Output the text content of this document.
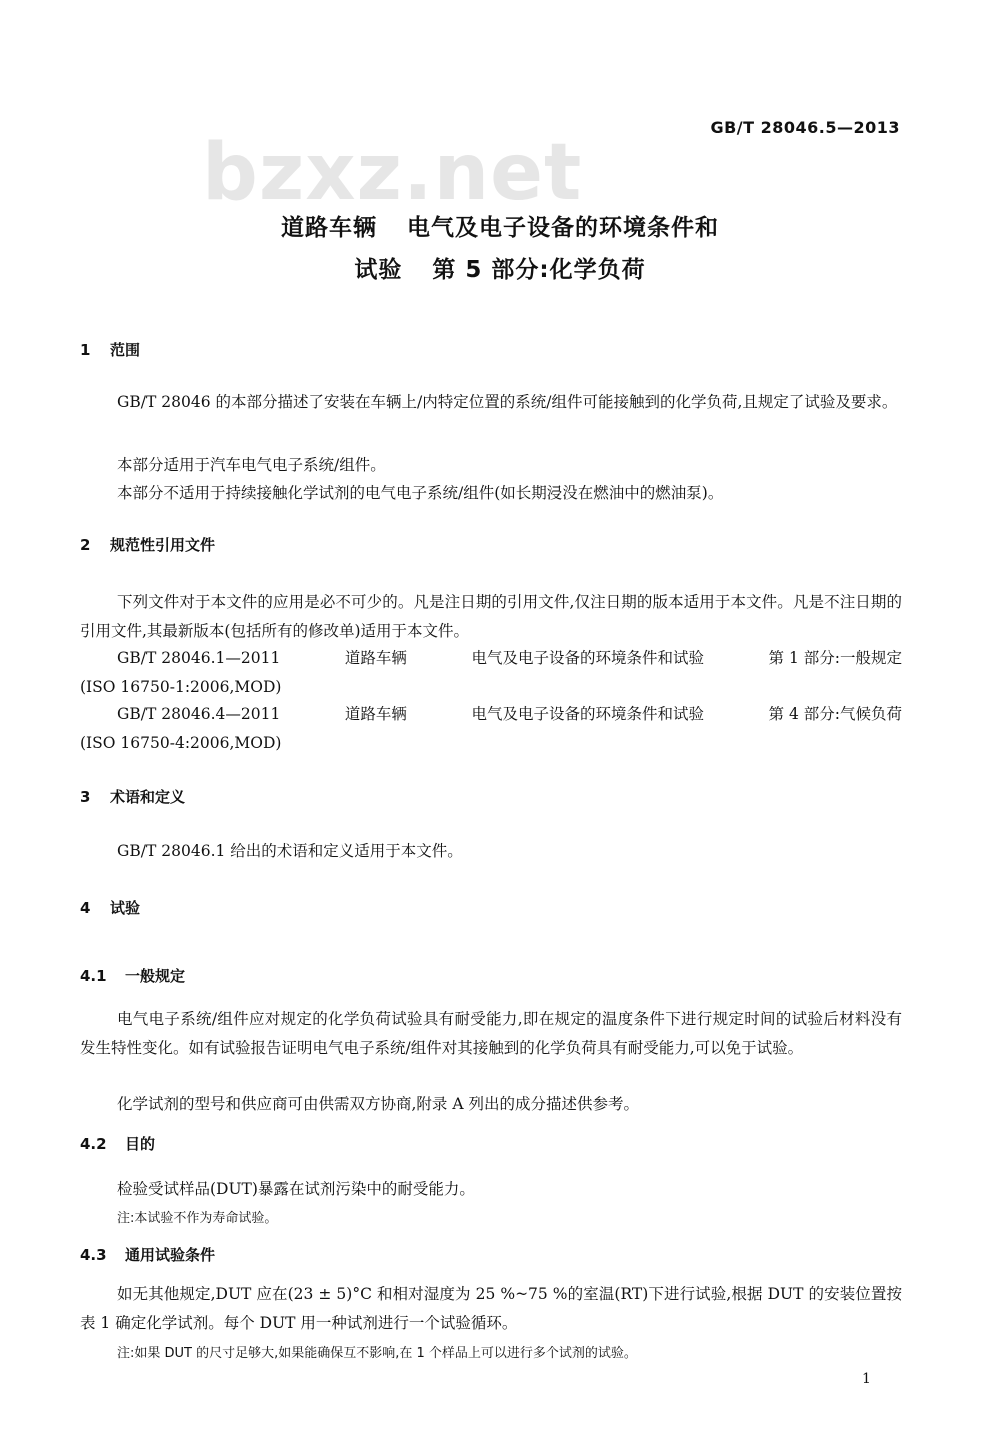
bzxz.net
GB/T 28046.5—2013
道路车辆 电气及电子设备的环境条件和
试验 第 5 部分:化学负荷
1 范围
GB/T 28046 的本部分描述了安装在车辆上/内特定位置的系统/组件可能接触到的化学负荷,且规定了试验及要求。
本部分适用于汽车电气电子系统/组件。
本部分不适用于持续接触化学试剂的电气电子系统/组件(如长期浸没在燃油中的燃油泵)。
2 规范性引用文件
下列文件对于本文件的应用是必不可少的。凡是注日期的引用文件,仅注日期的版本适用于本文件。凡是不注日期的引用文件,其最新版本(包括所有的修改单)适用于本文件。
GB/T 28046.1—2011	道路车辆	电气及电子设备的环境条件和试验	第 1 部分:一般规定
(ISO 16750-1:2006,MOD)
GB/T 28046.4—2011	道路车辆	电气及电子设备的环境条件和试验	第 4 部分:气候负荷
(ISO 16750-4:2006,MOD)
3 术语和定义
GB/T 28046.1 给出的术语和定义适用于本文件。
4 试验
4.1 一般规定
电气电子系统/组件应对规定的化学负荷试验具有耐受能力,即在规定的温度条件下进行规定时间的试验后材料没有发生特性变化。如有试验报告证明电气电子系统/组件对其接触到的化学负荷具有耐受能力,可以免于试验。
化学试剂的型号和供应商可由供需双方协商,附录 A 列出的成分描述供参考。
4.2 目的
检验受试样品(DUT)暴露在试剂污染中的耐受能力。
注:本试验不作为寿命试验。
4.3 通用试验条件
如无其他规定,DUT 应在(23 ± 5)°C 和相对湿度为 25 %~75 %的室温(RT)下进行试验,根据 DUT 的安装位置按表 1 确定化学试剂。每个 DUT 用一种试剂进行一个试验循环。
注:如果 DUT 的尺寸足够大,如果能确保互不影响,在 1 个样品上可以进行多个试剂的试验。
1
